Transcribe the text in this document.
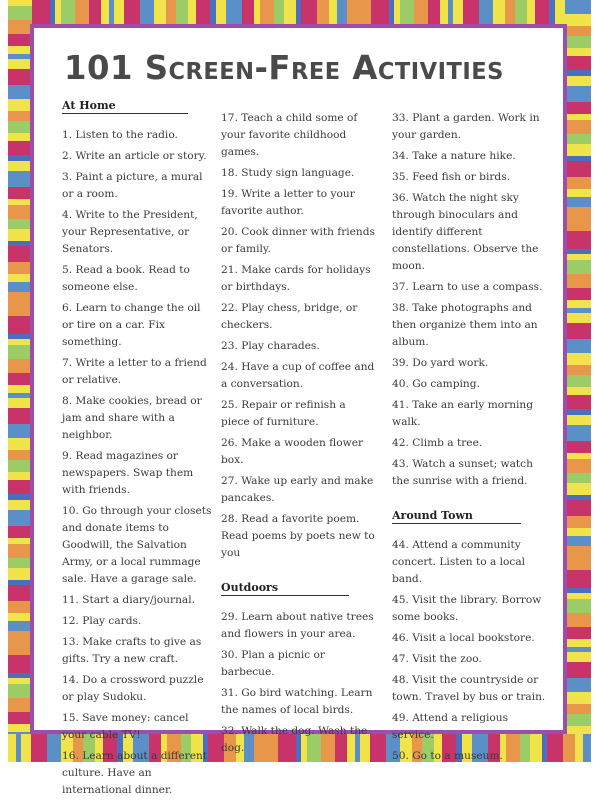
101 Screen-Free Activities
At Home
1. Listen to the radio.
2. Write an article or story.
3. Paint a picture, a mural or a room.
4. Write to the President, your Representative, or Senators.
5. Read a book. Read to someone else.
6. Learn to change the oil or tire on a car. Fix something.
7. Write a letter to a friend or relative.
8. Make cookies, bread or jam and share with a neighbor.
9. Read magazines or newspapers. Swap them with friends.
10. Go through your closets and donate items to Goodwill, the Salvation Army, or a local rummage sale. Have a garage sale.
11. Start a diary/journal.
12. Play cards.
13. Make crafts to give as gifts. Try a new craft.
14. Do a crossword puzzle or play Sudoku.
15. Save money: cancel your cable TV!
16. Learn about a different culture. Have an international dinner.
17. Teach a child some of your favorite childhood games.
18. Study sign language.
19. Write a letter to your favorite author.
20. Cook dinner with friends or family.
21. Make cards for holidays or birthdays.
22. Play chess, bridge, or checkers.
23. Play charades.
24. Have a cup of coffee and a conversation.
25. Repair or refinish a piece of furniture.
26. Make a wooden flower box.
27. Wake up early and make pancakes.
28. Read a favorite poem. Read poems by poets new to you
Outdoors
29. Learn about native trees and flowers in your area.
30. Plan a picnic or barbecue.
31. Go bird watching. Learn the names of local birds.
32. Walk the dog. Wash the dog.
33. Plant a garden. Work in your garden.
34. Take a nature hike.
35. Feed fish or birds.
36. Watch the night sky through binoculars and identify different constellations. Observe the moon.
37. Learn to use a compass.
38. Take photographs and then organize them into an album.
39. Do yard work.
40. Go camping.
41. Take an early morning walk.
42. Climb a tree.
43. Watch a sunset; watch the sunrise with a friend.
Around Town
44. Attend a community concert. Listen to a local band.
45. Visit the library. Borrow some books.
46. Visit a local bookstore.
47. Visit the zoo.
48. Visit the countryside or town. Travel by bus or train.
49. Attend a religious service.
50. Go to a museum.
